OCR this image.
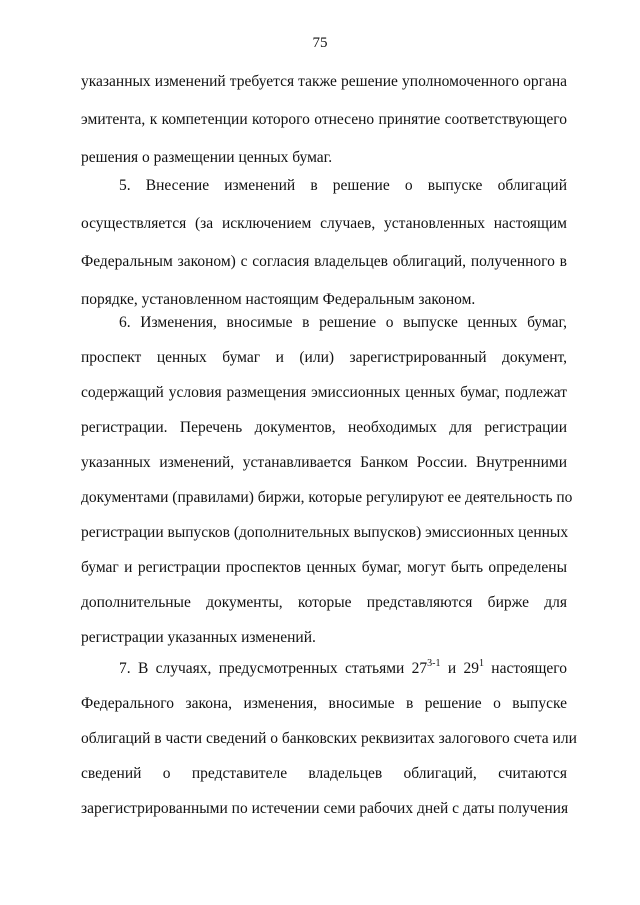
75
указанных изменений требуется также решение уполномоченного органа
эмитента, к компетенции которого отнесено принятие соответствующего
решения о размещении ценных бумаг.
5. Внесение изменений в решение о выпуске облигаций
осуществляется (за исключением случаев, установленных настоящим
Федеральным законом) с согласия владельцев облигаций, полученного в
порядке, установленном настоящим Федеральным законом.
6. Изменения, вносимые в решение о выпуске ценных бумаг,
проспект ценных бумаг и (или) зарегистрированный документ,
содержащий условия размещения эмиссионных ценных бумаг, подлежат
регистрации. Перечень документов, необходимых для регистрации
указанных изменений, устанавливается Банком России. Внутренними
документами (правилами) биржи, которые регулируют ее деятельность по
регистрации выпусков (дополнительных выпусков) эмиссионных ценных
бумаг и регистрации проспектов ценных бумаг, могут быть определены
дополнительные документы, которые представляются бирже для
регистрации указанных изменений.
7. В случаях, предусмотренных статьями 27$^{3-1}$ и $29^1$ настоящего
Федерального закона, изменения, вносимые в решение о выпуске
облигаций в части сведений о банковских реквизитах залогового счета или
сведений о представителе владельцев облигаций, считаются
зарегистрированными по истечении семи рабочих дней с даты получения
